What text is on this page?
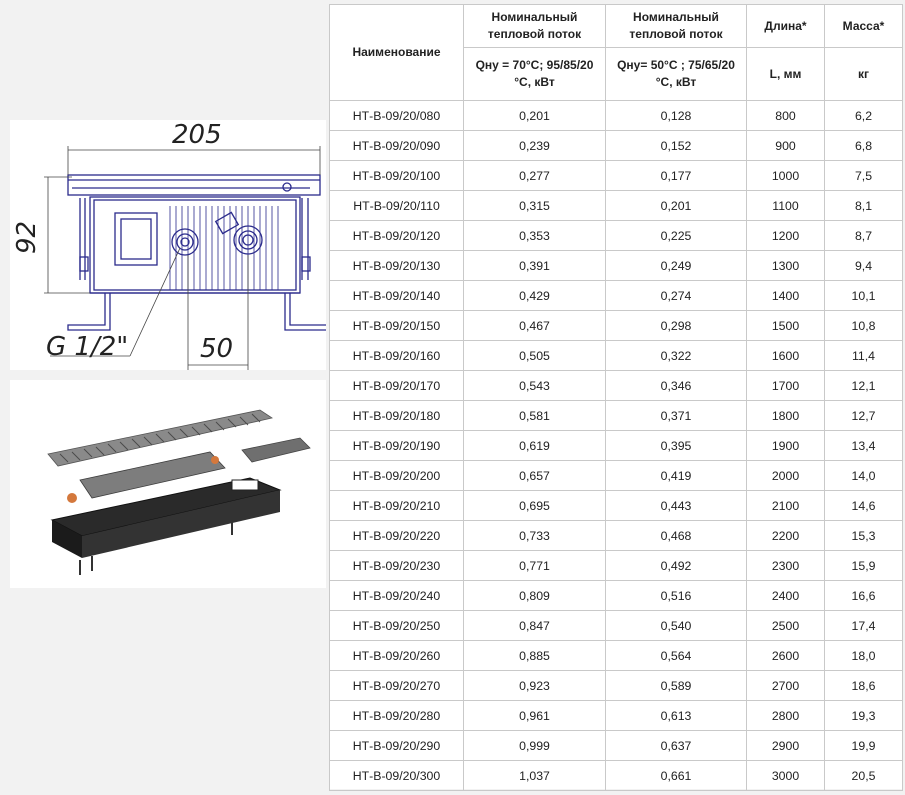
205
92
G 1/2"	50
Наименование	Номинальный тепловой поток	Номинальный тепловой поток	Длина*	Масса*
	Qну = 70°С; 95/85/20 °С, кВт	Qну= 50°С ; 75/65/20 °С, кВт	L, мм	кг
НТ-В-09/20/080	0,201	0,128	800	6,2
НТ-В-09/20/090	0,239	0,152	900	6,8
НТ-В-09/20/100	0,277	0,177	1000	7,5
НТ-В-09/20/110	0,315	0,201	1100	8,1
НТ-В-09/20/120	0,353	0,225	1200	8,7
НТ-В-09/20/130	0,391	0,249	1300	9,4
НТ-В-09/20/140	0,429	0,274	1400	10,1
НТ-В-09/20/150	0,467	0,298	1500	10,8
НТ-В-09/20/160	0,505	0,322	1600	11,4
НТ-В-09/20/170	0,543	0,346	1700	12,1
НТ-В-09/20/180	0,581	0,371	1800	12,7
НТ-В-09/20/190	0,619	0,395	1900	13,4
НТ-В-09/20/200	0,657	0,419	2000	14,0
НТ-В-09/20/210	0,695	0,443	2100	14,6
НТ-В-09/20/220	0,733	0,468	2200	15,3
НТ-В-09/20/230	0,771	0,492	2300	15,9
НТ-В-09/20/240	0,809	0,516	2400	16,6
НТ-В-09/20/250	0,847	0,540	2500	17,4
НТ-В-09/20/260	0,885	0,564	2600	18,0
НТ-В-09/20/270	0,923	0,589	2700	18,6
НТ-В-09/20/280	0,961	0,613	2800	19,3
НТ-В-09/20/290	0,999	0,637	2900	19,9
НТ-В-09/20/300	1,037	0,661	3000	20,5
